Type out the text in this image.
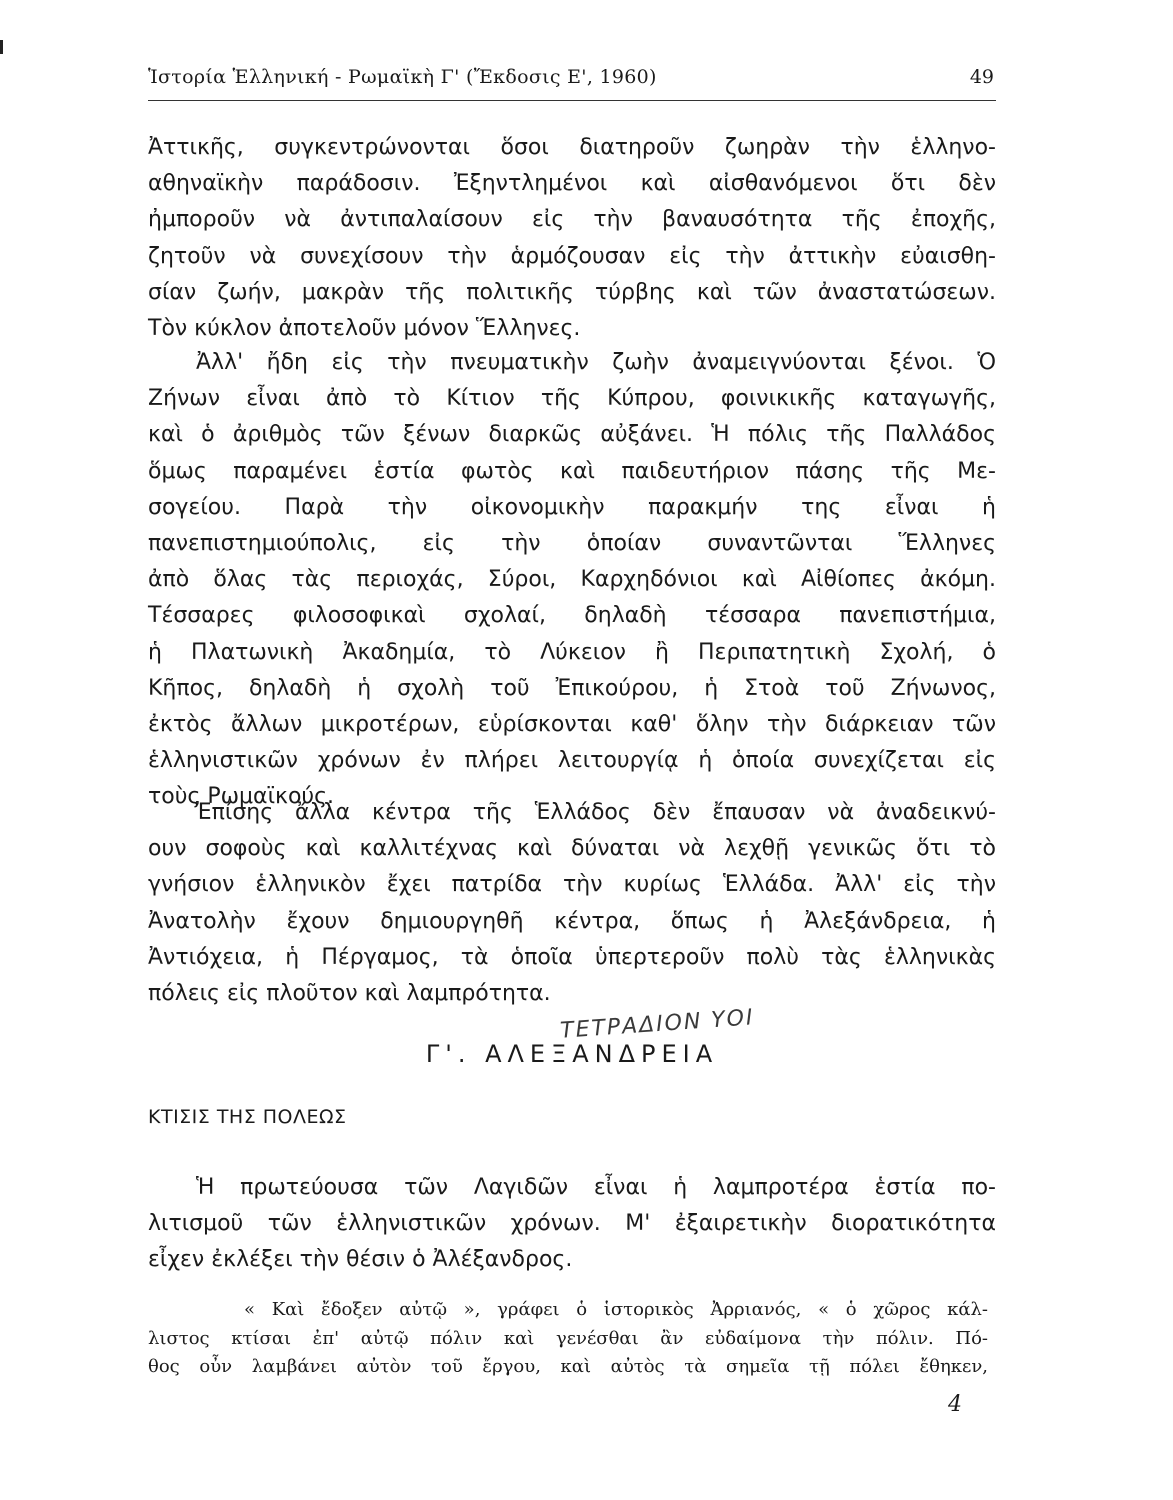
Ἱστορία Ἑλληνική - Ρωμαϊκὴ Γ' (Ἔκδοσις Ε', 1960)	49
Ἀττικῆς, συγκεντρώνονται ὅσοι διατηροῦν ζωηρὰν τὴν ἑλληνο-
αθηναϊκὴν παράδοσιν. Ἐξηντλημένοι καὶ αἰσθανόμενοι ὅτι δὲν
ἠμποροῦν νὰ ἀντιπαλαίσουν εἰς τὴν βαναυσότητα τῆς ἐποχῆς,
ζητοῦν νὰ συνεχίσουν τὴν ἁρμόζουσαν εἰς τὴν ἀττικὴν εὐαισθη-
σίαν ζωήν, μακρὰν τῆς πολιτικῆς τύρβης καὶ τῶν ἀναστατώσεων.
Τὸν κύκλον ἀποτελοῦν μόνον Ἕλληνες.
Ἀλλ' ἤδη εἰς τὴν πνευματικὴν ζωὴν ἀναμειγνύονται ξένοι. Ὁ
Ζήνων εἶναι ἀπὸ τὸ Κίτιον τῆς Κύπρου, φοινικικῆς καταγωγῆς,
καὶ ὁ ἀριθμὸς τῶν ξένων διαρκῶς αὐξάνει. Ἡ πόλις τῆς Παλλάδος
ὅμως παραμένει ἑστία φωτὸς καὶ παιδευτήριον πάσης τῆς Με-
σογείου. Παρὰ τὴν οἰκονομικὴν παρακμήν της εἶναι ἡ
πανεπιστημιούπολις, εἰς τὴν ὁποίαν συναντῶνται Ἕλληνες
ἀπὸ ὅλας τὰς περιοχάς, Σύροι, Καρχηδόνιοι καὶ Αἰθίοπες ἀκόμη.
Τέσσαρες φιλοσοφικαὶ σχολαί, δηλαδὴ τέσσαρα πανεπιστήμια,
ἡ Πλατωνικὴ Ἀκαδημία, τὸ Λύκειον ἢ Περιπατητικὴ Σχολή, ὁ
Κῆπος, δηλαδὴ ἡ σχολὴ τοῦ Ἐπικούρου, ἡ Στοὰ τοῦ Ζήνωνος,
ἐκτὸς ἄλλων μικροτέρων, εὑρίσκονται καθ' ὅλην τὴν διάρκειαν τῶν
ἑλληνιστικῶν χρόνων ἐν πλήρει λειτουργίᾳ ἡ ὁποία συνεχίζεται εἰς
τοὺς Ρωμαϊκούς.
Ἐπίσης ἄλλα κέντρα τῆς Ἑλλάδος δὲν ἔπαυσαν νὰ ἀναδεικνύ-
ουν σοφοὺς καὶ καλλιτέχνας καὶ δύναται νὰ λεχθῇ γενικῶς ὅτι τὸ
γνήσιον ἑλληνικὸν ἔχει πατρίδα τὴν κυρίως Ἑλλάδα. Ἀλλ' εἰς τὴν
Ἀνατολὴν ἔχουν δημιουργηθῆ κέντρα, ὅπως ἡ Ἀλεξάνδρεια, ἡ
Ἀντιόχεια, ἡ Πέργαμος, τὰ ὁποῖα ὑπερτεροῦν πολὺ τὰς ἑλληνικὰς
πόλεις εἰς πλοῦτον καὶ λαμπρότητα.
ΤΕΤΡΑΔΙΟΝ ΥΟΙ
Γ'. ΑΛΕΞΑΝΔΡΕΙΑ
ΚΤΙΣΙΣ ΤΗΣ ΠΟΛΕΩΣ
Ἡ πρωτεύουσα τῶν Λαγιδῶν εἶναι ἡ λαμπροτέρα ἑστία πο-
λιτισμοῦ τῶν ἑλληνιστικῶν χρόνων. Μ' ἐξαιρετικὴν διορατικότητα
εἶχεν ἐκλέξει τὴν θέσιν ὁ Ἀλέξανδρος.
« Καὶ ἔδοξεν αὐτῷ », γράφει ὁ ἱστορικὸς Ἀρριανός, « ὁ χῶρος κάλ-
λιστος κτίσαι ἐπ' αὐτῷ πόλιν καὶ γενέσθαι ἂν εὐδαίμονα τὴν πόλιν. Πό-
θος οὖν λαμβάνει αὐτὸν τοῦ ἔργου, καὶ αὐτὸς τὰ σημεῖα τῇ πόλει ἔθηκεν,
4
